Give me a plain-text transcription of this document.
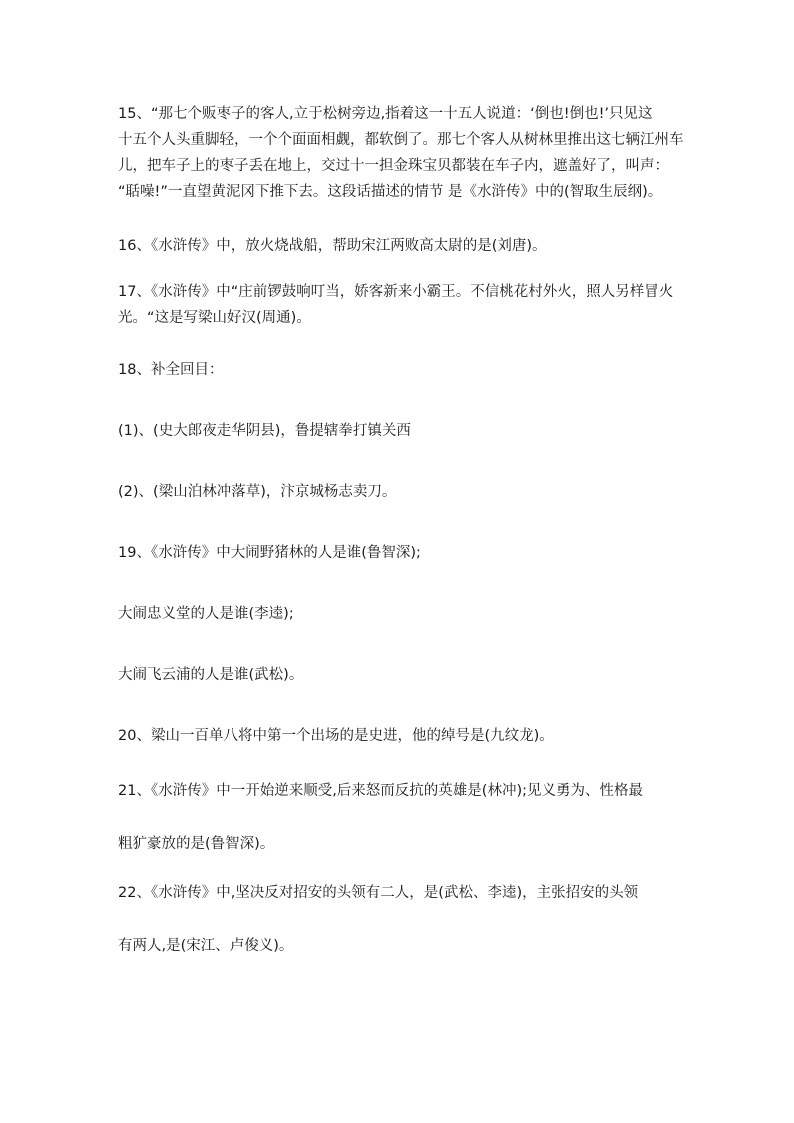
15、“那七个贩枣子的客人,立于松树旁边,指着这一十五人说道：‘倒也!倒也!’只见这
十五个人头重脚轻，一个个面面相觑，都软倒了。那七个客人从树林里推出这七辆江州车
儿，把车子上的枣子丢在地上，交过十一担金珠宝贝都装在车子内，遮盖好了，叫声：
“聒噪!”一直望黄泥冈下推下去。这段话描述的情节 是《水浒传》中的(智取生辰纲)。
16、《水浒传》中，放火烧战船，帮助宋江两败高太尉的是(刘唐)。
17、《水浒传》中“庄前锣鼓响叮当，娇客新来小霸王。不信桃花村外火，照人另样冒火
光。“这是写梁山好汉(周通)。
18、补全回目：
(1)、(史大郎夜走华阴县)，鲁提辖拳打镇关西
(2)、(梁山泊林冲落草)，汴京城杨志卖刀。
19、《水浒传》中大闹野猪林的人是谁(鲁智深);
大闹忠义堂的人是谁(李逵);
大闹飞云浦的人是谁(武松)。
20、梁山一百单八将中第一个出场的是史进，他的绰号是(九纹龙)。
21、《水浒传》中一开始逆来顺受,后来怒而反抗的英雄是(林冲);见义勇为、性格最
粗犷豪放的是(鲁智深)。
22、《水浒传》中,坚决反对招安的头领有二人，是(武松、李逵)，主张招安的头领
有两人,是(宋江、卢俊义)。
